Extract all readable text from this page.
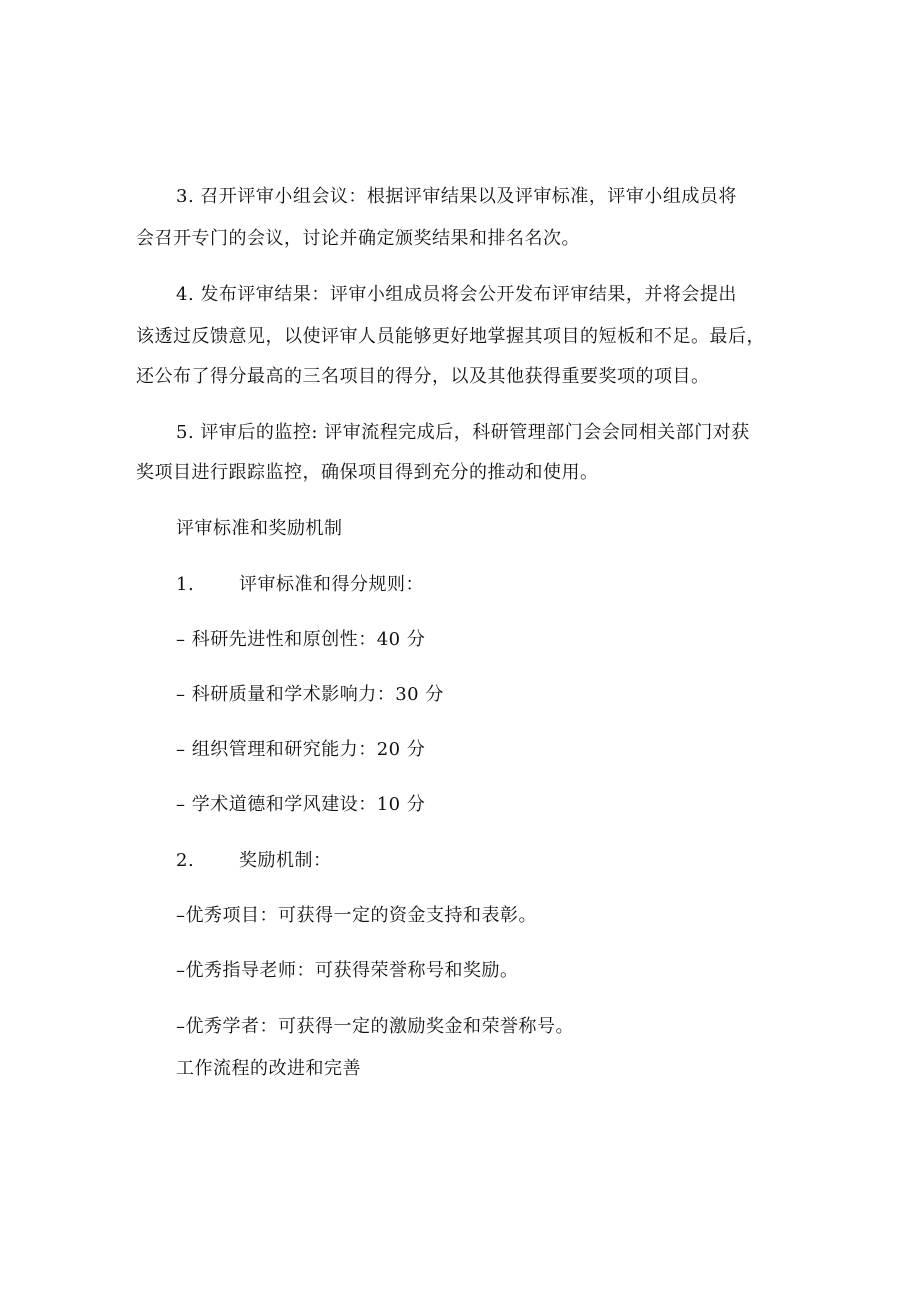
3. 召开评审小组会议：根据评审结果以及评审标准，评审小组成员将

会召开专门的会议，讨论并确定颁奖结果和排名名次。

4. 发布评审结果：评审小组成员将会公开发布评审结果，并将会提出

该透过反馈意见，以使评审人员能够更好地掌握其项目的短板和不足。最后，

还公布了得分最高的三名项目的得分，以及其他获得重要奖项的项目。

5. 评审后的监控: 评审流程完成后，科研管理部门会会同相关部门对获

奖项目进行跟踪监控，确保项目得到充分的推动和使用。

评审标准和奖励机制

1. 评审标准和得分规则：

– 科研先进性和原创性：40 分

– 科研质量和学术影响力：30 分

– 组织管理和研究能力：20 分

– 学术道德和学风建设：10 分

2. 奖励机制：

–优秀项目：可获得一定的资金支持和表彰。

–优秀指导老师：可获得荣誉称号和奖励。

–优秀学者：可获得一定的激励奖金和荣誉称号。

工作流程的改进和完善
